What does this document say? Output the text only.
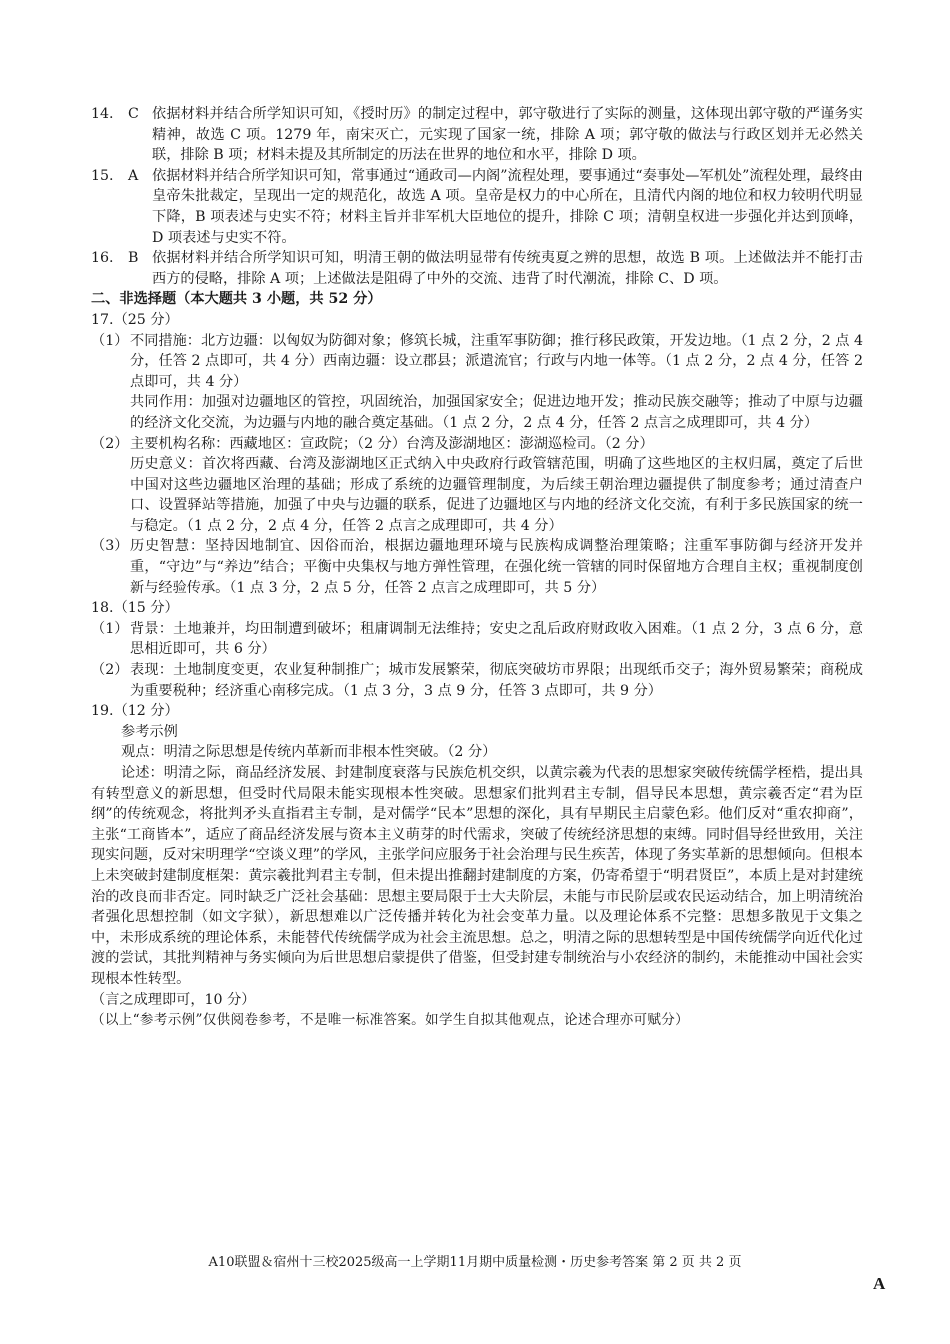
14.	C 依据材料并结合所学知识可知，《授时历》的制定过程中，郭守敬进行了实际的测量，这体现出郭守敬的严谨务实精神，故选 C 项。1279 年，南宋灭亡，元实现了国家一统，排除 A 项；郭守敬的做法与行政区划并无必然关联，排除 B 项；材料未提及其所制定的历法在世界的地位和水平，排除 D 项。
15.	A 依据材料并结合所学知识可知，常事通过“通政司—内阁”流程处理，要事通过“奏事处—军机处”流程处理，最终由皇帝朱批裁定，呈现出一定的规范化，故选 A 项。皇帝是权力的中心所在，且清代内阁的地位和权力较明代明显下降，B 项表述与史实不符；材料主旨并非军机大臣地位的提升，排除 C 项；清朝皇权进一步强化并达到顶峰，D 项表述与史实不符。
16.	B 依据材料并结合所学知识可知，明清王朝的做法明显带有传统夷夏之辨的思想，故选 B 项。上述做法并不能打击西方的侵略，排除 A 项；上述做法是阻碍了中外的交流、违背了时代潮流，排除 C、D 项。
二、非选择题（本大题共 3 小题，共 52 分）
17.（25 分）
（1） 不同措施：北方边疆：以匈奴为防御对象；修筑长城，注重军事防御；推行移民政策，开发边地。（1 点 2 分，2 点 4 分，任答 2 点即可，共 4 分）西南边疆：设立郡县；派遣流官；行政与内地一体等。（1 点 2 分，2 点 4 分，任答 2 点即可，共 4 分）
共同作用：加强对边疆地区的管控，巩固统治，加强国家安全；促进边地开发；推动民族交融等；推动了中原与边疆的经济文化交流，为边疆与内地的融合奠定基础。（1 点 2 分，2 点 4 分，任答 2 点言之成理即可，共 4 分）
（2） 主要机构名称：西藏地区：宣政院；（2 分）台湾及澎湖地区：澎湖巡检司。（2 分）
历史意义：首次将西藏、台湾及澎湖地区正式纳入中央政府行政管辖范围，明确了这些地区的主权归属，奠定了后世中国对这些边疆地区治理的基础；形成了系统的边疆管理制度，为后续王朝治理边疆提供了制度参考；通过清查户口、设置驿站等措施，加强了中央与边疆的联系，促进了边疆地区与内地的经济文化交流，有利于多民族国家的统一与稳定。（1 点 2 分，2 点 4 分，任答 2 点言之成理即可，共 4 分）
（3） 历史智慧：坚持因地制宜、因俗而治，根据边疆地理环境与民族构成调整治理策略；注重军事防御与经济开发并重，“守边”与“养边”结合；平衡中央集权与地方弹性管理，在强化统一管辖的同时保留地方合理自主权；重视制度创新与经验传承。（1 点 3 分，2 点 5 分，任答 2 点言之成理即可，共 5 分）
18.（15 分）
（1） 背景：土地兼并，均田制遭到破坏；租庸调制无法维持；安史之乱后政府财政收入困难。（1 点 2 分，3 点 6 分，意思相近即可，共 6 分）
（2） 表现：土地制度变更，农业复种制推广；城市发展繁荣，彻底突破坊市界限；出现纸币交子；海外贸易繁荣；商税成为重要税种；经济重心南移完成。（1 点 3 分，3 点 9 分，任答 3 点即可，共 9 分）
19.（12 分）
参考示例
观点：明清之际思想是传统内革新而非根本性突破。（2 分）
论述：明清之际，商品经济发展、封建制度衰落与民族危机交织，以黄宗羲为代表的思想家突破传统儒学桎梏，提出具有转型意义的新思想，但受时代局限未能实现根本性突破。思想家们批判君主专制，倡导民本思想，黄宗羲否定“君为臣纲”的传统观念，将批判矛头直指君主专制，是对儒学“民本”思想的深化，具有早期民主启蒙色彩。他们反对“重农抑商”，主张“工商皆本”，适应了商品经济发展与资本主义萌芽的时代需求，突破了传统经济思想的束缚。同时倡导经世致用，关注现实问题，反对宋明理学“空谈义理”的学风，主张学问应服务于社会治理与民生疾苦，体现了务实革新的思想倾向。但根本上未突破封建制度框架：黄宗羲批判君主专制，但未提出推翻封建制度的方案，仍寄希望于“明君贤臣”，本质上是对封建统治的改良而非否定。同时缺乏广泛社会基础：思想主要局限于士大夫阶层，未能与市民阶层或农民运动结合，加上明清统治者强化思想控制（如文字狱），新思想难以广泛传播并转化为社会变革力量。以及理论体系不完整：思想多散见于文集之中，未形成系统的理论体系，未能替代传统儒学成为社会主流思想。总之，明清之际的思想转型是中国传统儒学向近代化过渡的尝试，其批判精神与务实倾向为后世思想启蒙提供了借鉴，但受封建专制统治与小农经济的制约，未能推动中国社会实现根本性转型。
（言之成理即可，10 分）
（以上“参考示例”仅供阅卷参考，不是唯一标准答案。如学生自拟其他观点，论述合理亦可赋分）
A10联盟＆宿州十三校2025级高一上学期11月期中质量检测・历史参考答案 第 2 页 共 2 页
A
